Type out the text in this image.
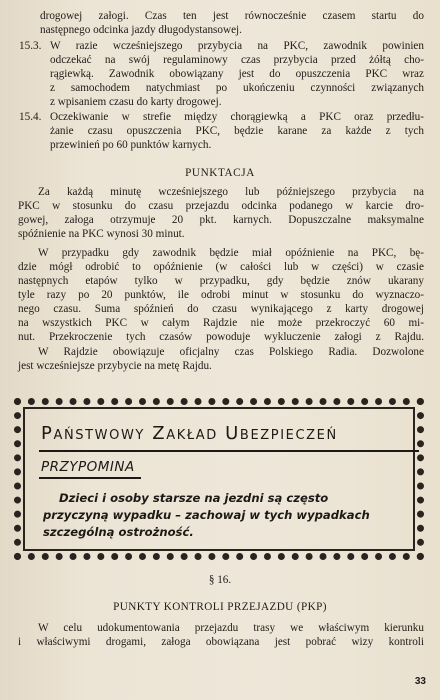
drogowej załogi. Czas ten jest równocześnie czasem startu do

następnego odcinka jazdy długodystansowej.

15.3. W razie wcześniejszego przybycia na PKC, zawodnik powinien

odczekać na swój regulaminowy czas przybycia przed żółtą cho-

rągiewką. Zawodnik obowiązany jest do opuszczenia PKC wraz

z samochodem natychmiast po ukończeniu czynności związanych

z wpisaniem czasu do karty drogowej.

15.4. Oczekiwanie w strefie między chorągiewką a PKC oraz przedłu-

żanie czasu opuszczenia PKC, będzie karane za każde z tych

przewinień po 60 punktów karnych.

PUNKTACJA

Za każdą minutę wcześniejszego lub późniejszego przybycia na

PKC w stosunku do czasu przejazdu odcinka podanego w karcie dro-

gowej, załoga otrzymuje 20 pkt. karnych. Dopuszczalne maksymalne

spóźnienie na PKC wynosi 30 minut.

W przypadku gdy zawodnik będzie miał opóźnienie na PKC, bę-

dzie mógł odrobić to opóźnienie (w całości lub w części) w czasie

następnych etapów tylko w przypadku, gdy będzie znów ukarany

tyle razy po 20 punktów, ile odrobi minut w stosunku do wyznaczo-

nego czasu. Suma spóźnień do czasu wynikającego z karty drogowej

na wszystkich PKC w całym Rajdzie nie może przekroczyć 60 mi-

nut. Przekroczenie tych czasów powoduje wykluczenie załogi z Rajdu.

W Rajdzie obowiązuje oficjalny czas Polskiego Radia. Dozwolone

jest wcześniejsze przybycie na metę Rajdu.

Państwowy Zakład Ubezpieczeń
PRZYPOMINA
Dzieci i osoby starsze na jezdni są często
przyczyną wypadku – zachowaj w tych wypadkach
szczególną ostrożność.

§ 16.

PUNKTY KONTROLI PRZEJAZDU (PKP)

W celu udokumentowania przejazdu trasy we właściwym kierunku

i właściwymi drogami, załoga obowiązana jest pobrać wizy kontroli

33
